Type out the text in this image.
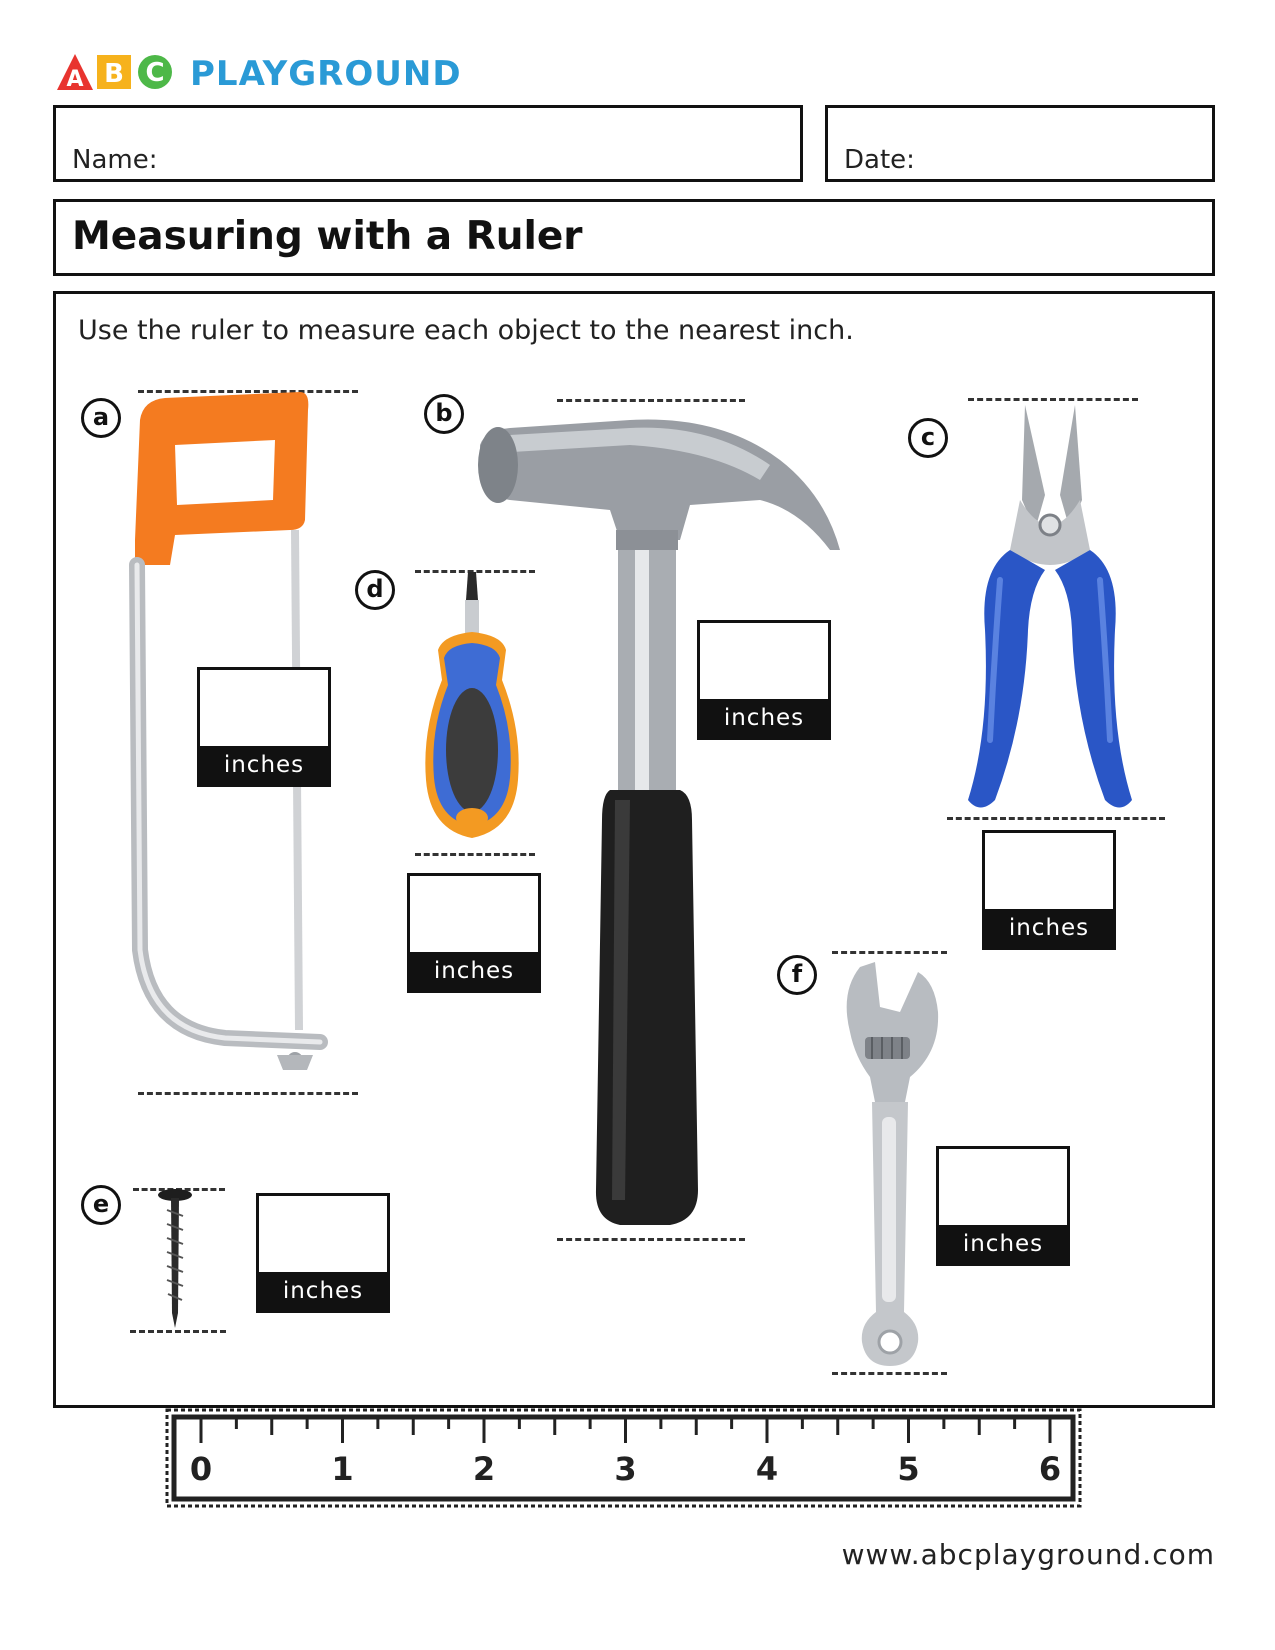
A B C PLAYGROUND
Name:	Date:
Measuring with a Ruler
Use the ruler to measure each object to the nearest inch.
a
inches
b
inches
c
inches
d
inches
e
inches
f
inches
0	1	2	3	4	5	6
www.abcplayground.com
